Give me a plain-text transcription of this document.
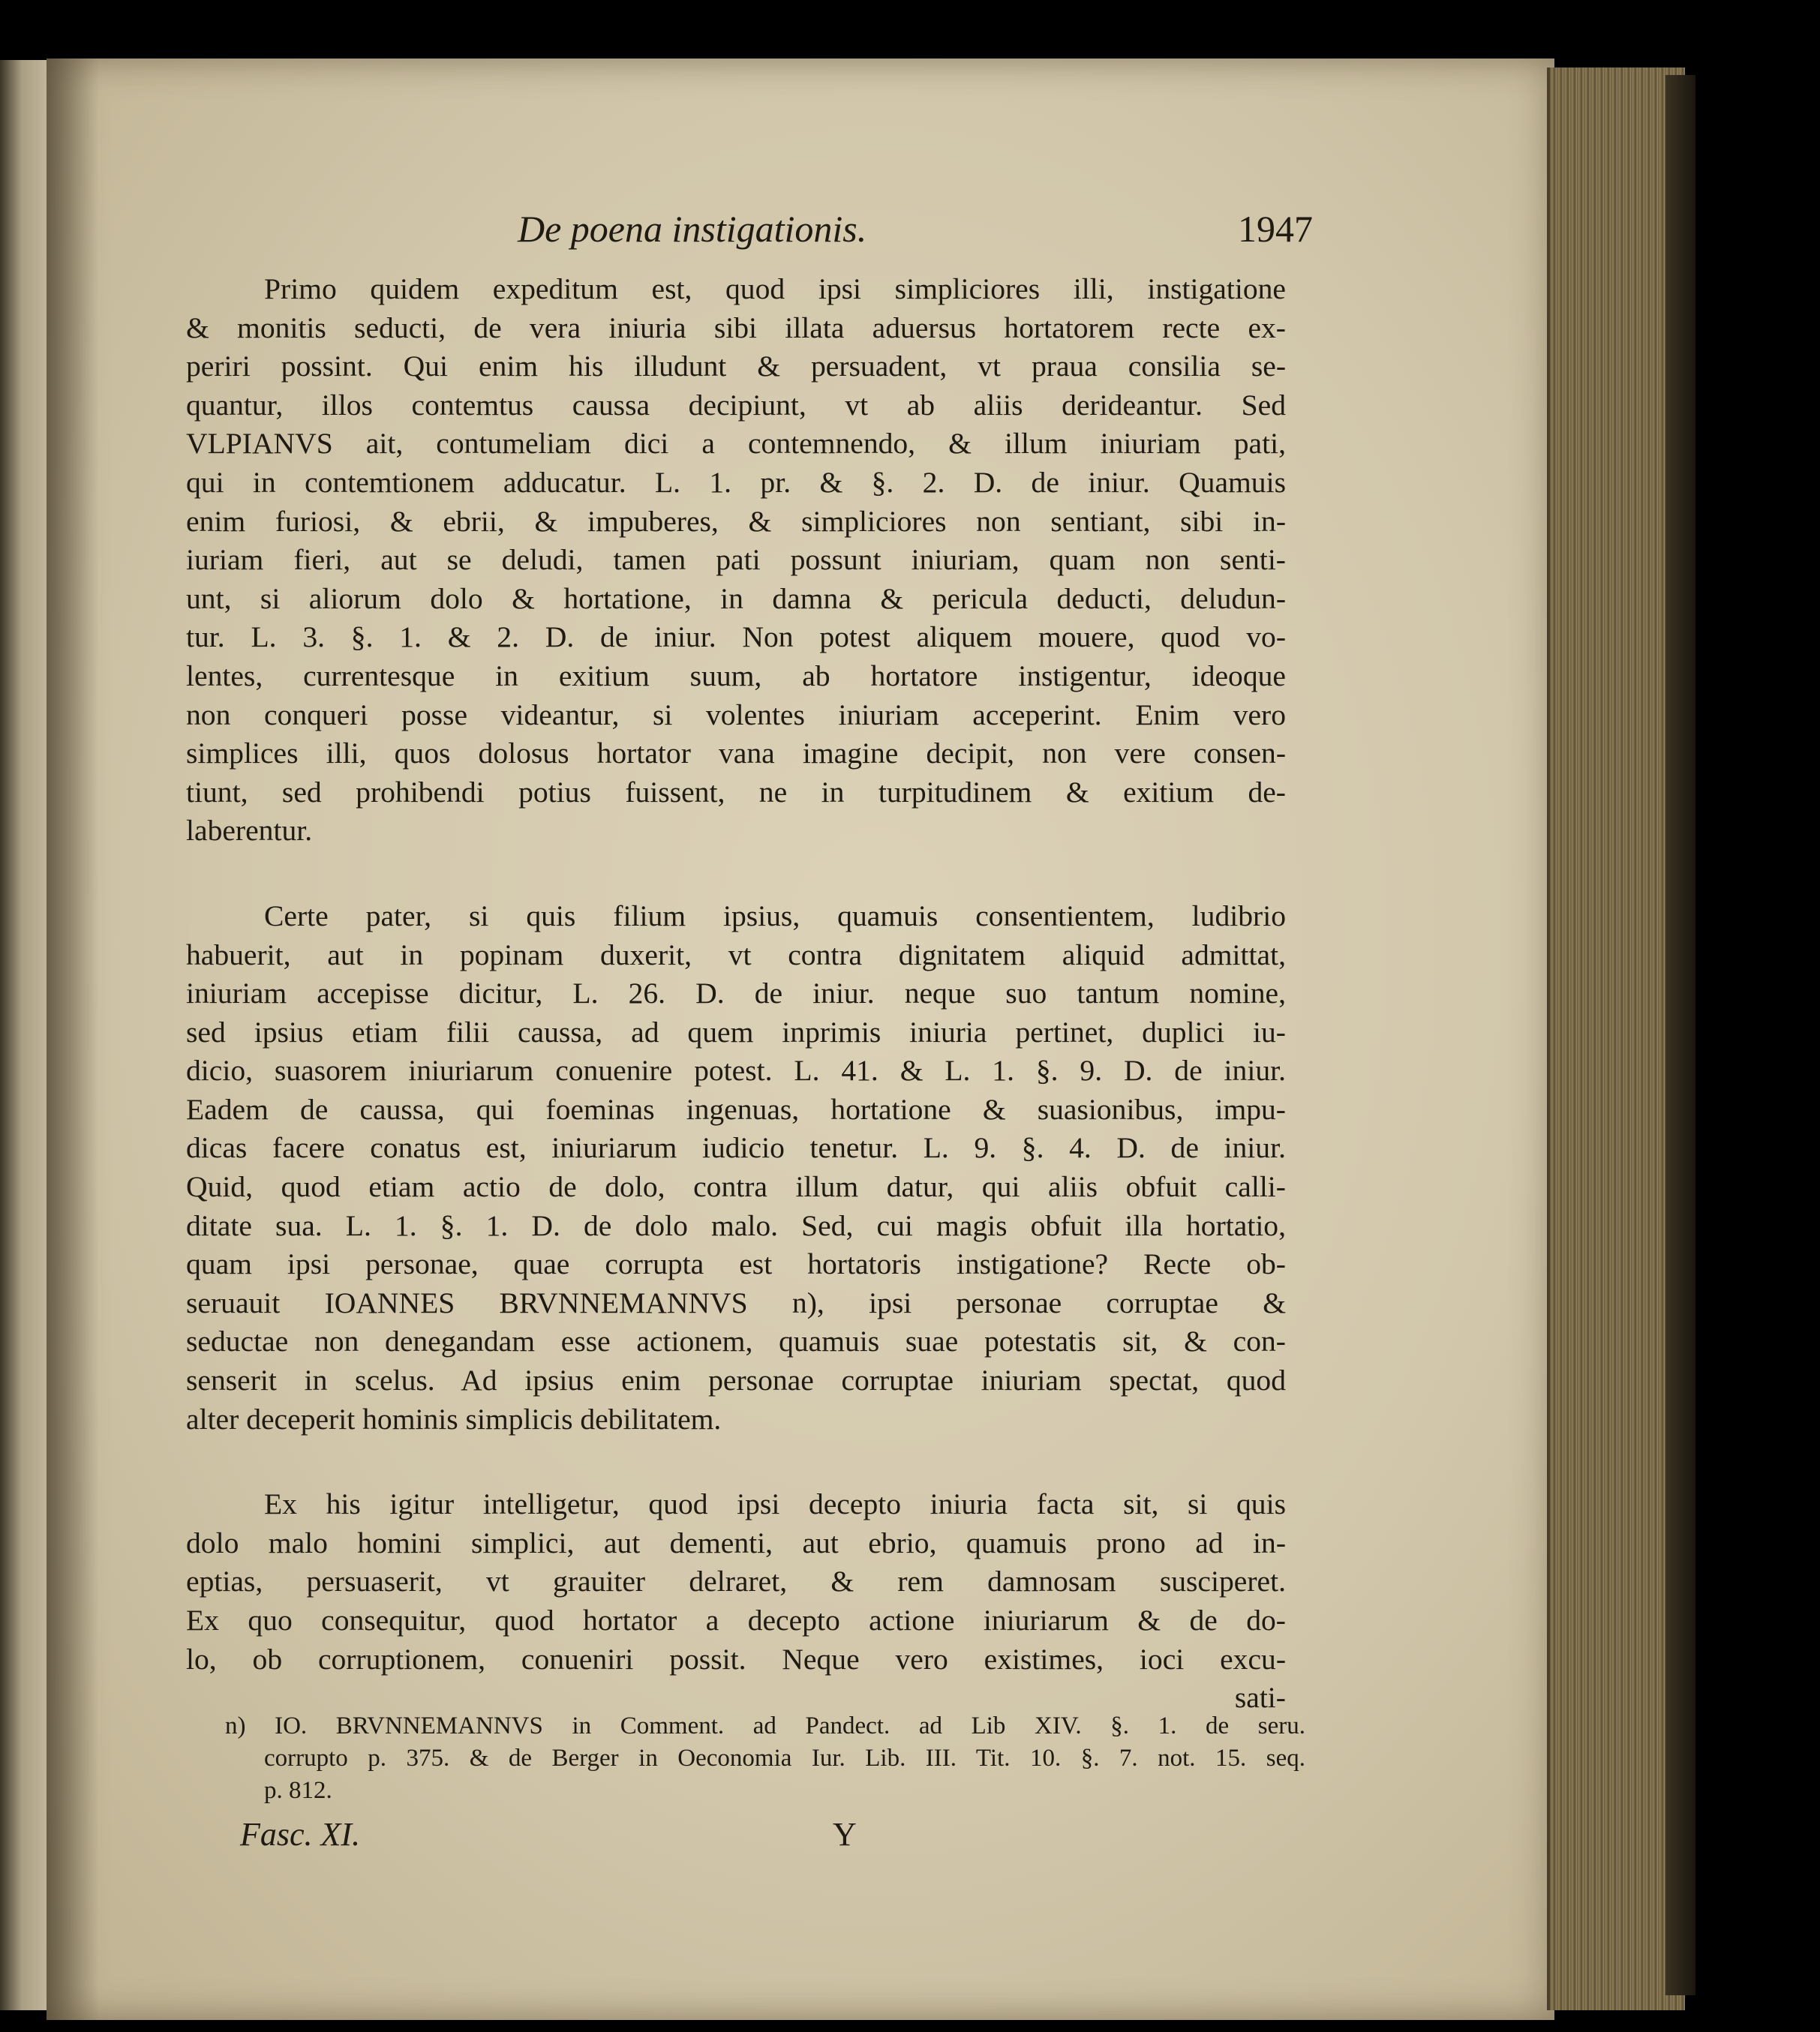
De poena instigationis.	1947
Primo quidem expeditum est, quod ipsi simpliciores illi, instigatione
& monitis seducti, de vera iniuria sibi illata aduersus hortatorem recte ex-
periri possint. Qui enim his illudunt & persuadent, vt praua consilia se-
quantur, illos contemtus caussa decipiunt, vt ab aliis derideantur. Sed
VLPIANVS ait, contumeliam dici a contemnendo, & illum iniuriam pati,
qui in contemtionem adducatur. L. 1. pr. & §. 2. D. de iniur. Quamuis
enim furiosi, & ebrii, & impuberes, & simpliciores non sentiant, sibi in-
iuriam fieri, aut se deludi, tamen pati possunt iniuriam, quam non senti-
unt, si aliorum dolo & hortatione, in damna & pericula deducti, deludun-
tur. L. 3. §. 1. & 2. D. de iniur. Non potest aliquem mouere, quod vo-
lentes, currentesque in exitium suum, ab hortatore instigentur, ideoque
non conqueri posse videantur, si volentes iniuriam acceperint. Enim vero
simplices illi, quos dolosus hortator vana imagine decipit, non vere consen-
tiunt, sed prohibendi potius fuissent, ne in turpitudinem & exitium de-
laberentur.
Certe pater, si quis filium ipsius, quamuis consentientem, ludibrio
habuerit, aut in popinam duxerit, vt contra dignitatem aliquid admittat,
iniuriam accepisse dicitur, L. 26. D. de iniur. neque suo tantum nomine,
sed ipsius etiam filii caussa, ad quem inprimis iniuria pertinet, duplici iu-
dicio, suasorem iniuriarum conuenire potest. L. 41. & L. 1. §. 9. D. de iniur.
Eadem de caussa, qui foeminas ingenuas, hortatione & suasionibus, impu-
dicas facere conatus est, iniuriarum iudicio tenetur. L. 9. §. 4. D. de iniur.
Quid, quod etiam actio de dolo, contra illum datur, qui aliis obfuit calli-
ditate sua. L. 1. §. 1. D. de dolo malo. Sed, cui magis obfuit illa hortatio,
quam ipsi personae, quae corrupta est hortatoris instigatione? Recte ob-
seruauit IOANNES BRVNNEMANNVS n), ipsi personae corruptae &
seductae non denegandam esse actionem, quamuis suae potestatis sit, & con-
senserit in scelus. Ad ipsius enim personae corruptae iniuriam spectat, quod
alter deceperit hominis simplicis debilitatem.
Ex his igitur intelligetur, quod ipsi decepto iniuria facta sit, si quis
dolo malo homini simplici, aut dementi, aut ebrio, quamuis prono ad in-
eptias, persuaserit, vt grauiter delraret, & rem damnosam susciperet.
Ex quo consequitur, quod hortator a decepto actione iniuriarum & de do-
lo, ob corruptionem, conueniri possit. Neque vero existimes, ioci excu-
sati-
n) IO. BRVNNEMANNVS in Comment. ad Pandect. ad Lib XIV. §. 1. de seru.
corrupto p. 375. & de Berger in Oeconomia Iur. Lib. III. Tit. 10. §. 7. not. 15. seq.
p. 812.
Fasc. XI.	Y
